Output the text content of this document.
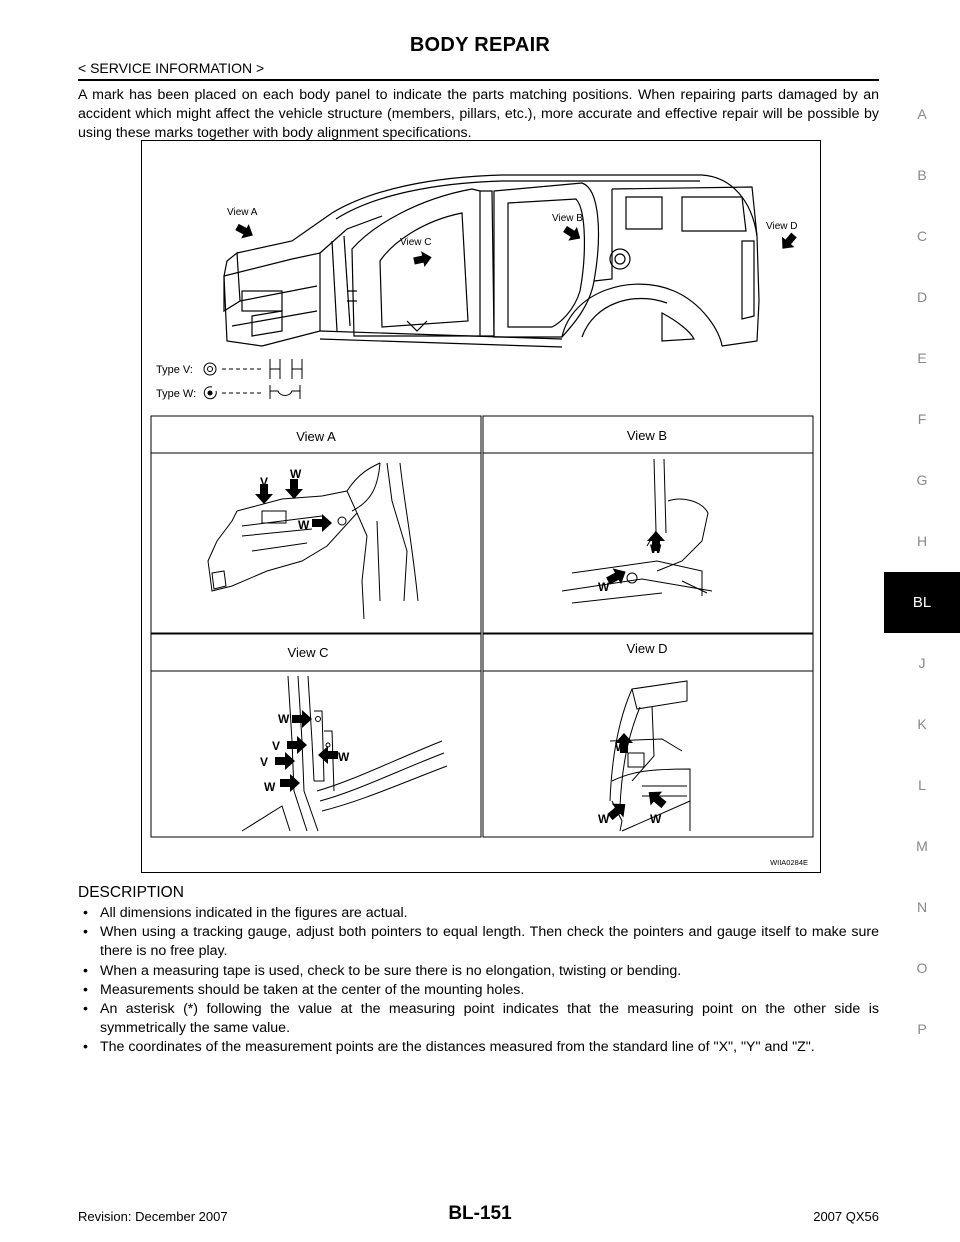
BODY REPAIR
< SERVICE INFORMATION >
A mark has been placed on each body panel to indicate the parts matching positions. When repairing parts damaged by an accident which might affect the vehicle structure (members, pillars, etc.), more accurate and effective repair will be possible by using these marks together with body alignment specifications.
A
B
C
D
E
F
G
H
BL
J
K
L
M
N
O
P
View A
View C
View B
View D
Type V:
Type W:
View A	View B
View C	View D
V
W
W
W
W
W
V
V	W
W
W
W	W
WIIA0284E
DESCRIPTION
• All dimensions indicated in the figures are actual.
• When using a tracking gauge, adjust both pointers to equal length. Then check the pointers and gauge itself to make sure there is no free play.
• When a measuring tape is used, check to be sure there is no elongation, twisting or bending.
• Measurements should be taken at the center of the mounting holes.
• An asterisk (*) following the value at the measuring point indicates that the measuring point on the other side is symmetrically the same value.
• The coordinates of the measurement points are the distances measured from the standard line of "X", "Y" and "Z".
Revision: December 2007	BL-151	2007 QX56
